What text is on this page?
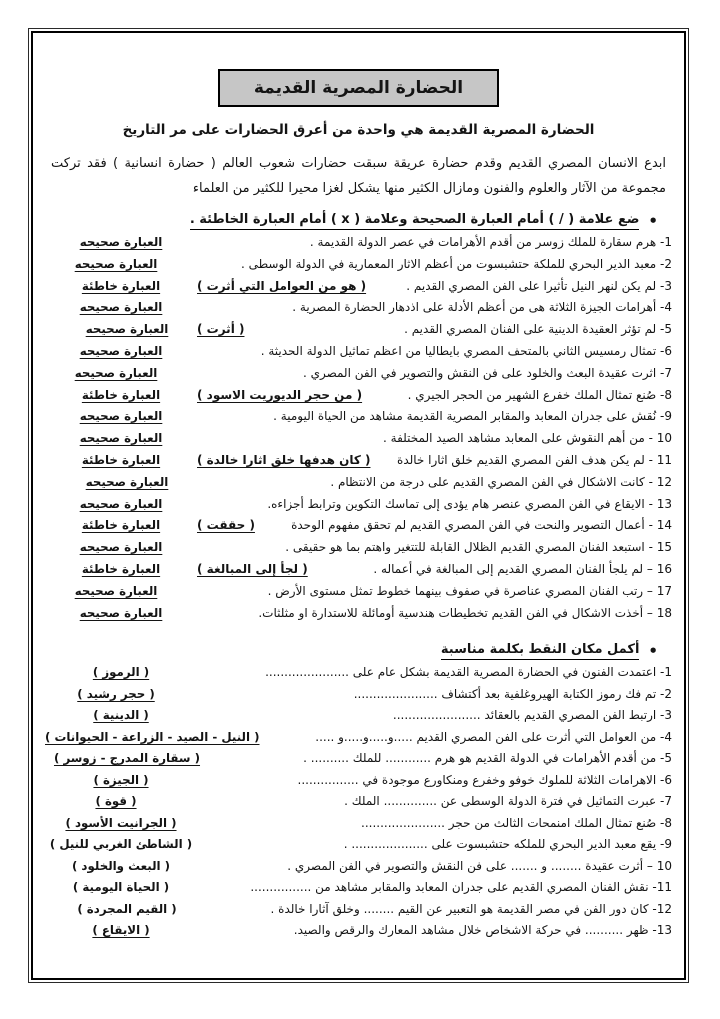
الحضارة المصرية القديمة
الحضارة المصرية القديمة هي واحدة من أعرق الحضارات على مر التاريخ

ابدع الانسان المصري القديم وقدم حضارة عريقة سبقت حضارات شعوب العالم ( حضارة انسانية ) فقد تركت مجموعة من الآثار والعلوم والفنون ومازال الكثير منها يشكل لغزا محيرا للكثير من العلماء

•
ضع علامة ( / ) أمام العبارة الصحيحة وعلامة ( x ) أمام العبارة الخاطئة .
1- هرم سقارة للملك زوسر من أقدم الأهرامات في عصر الدولة القديمة .
العبارة صحيحه
2- معبد الدير البحري للملكة حتشبسوت من أعظم الاثار المعمارية في الدولة الوسطى .
العبارة صحيحه
3- لم يكن لنهر النيل تأثيرا على الفن المصري القديم .
( هو من العوامل التي أثرت )
العبارة خاطئة
4- أهرامات الجيزة الثلاثة هى من أعظم الأدلة على اذدهار الحضارة المصرية .
العبارة صحيحه
5- لم تؤثر العقيدة الدينية على الفنان المصري القديم .
( أثرت )
العبارة صحيحه
6- تمثال رمسيس الثاني بالمتحف المصري بايطاليا من اعظم تماثيل الدولة الحديثة .
العبارة صحيحه
7- اثرت عقيدة البعث والخلود على فن النقش والتصوير في الفن المصري .
العبارة صحيحه
8- صُنع تمثال الملك خفرع الشهير من الحجر الجيري .
( من حجر الديوريت الاسود )
العبارة خاطئة
9- نُقش على جدران المعابد والمقابر المصرية القديمة مشاهد من الحياة اليومية .
العبارة صحيحه
10 - من أهم النقوش على المعابد مشاهد الصيد المختلفة .
العبارة صحيحه
11 - لم يكن هدف الفن المصري القديم خلق اثارا خالدة
( كان هدفها خلق اثارا خالدة )
العبارة خاطئة
12 - كانت الاشكال في الفن المصري القديم على درجة من الانتظام .
العبارة صحيحه
13 - الايقاع في الفن المصري عنصر هام يؤدى إلى تماسك التكوين وترابط أجزاءه.
العبارة صحيحه
14 - أعمال التصوير والنحت في الفن المصري القديم لم تحقق مفهوم الوحدة
( حققت )
العبارة خاطئة
15 - استبعد الفنان المصري القديم الظلال القابلة للتتغير واهتم بما هو حقيقى .
العبارة صحيحه
16 – لم يلجأ الفنان المصري القديم إلى المبالغة في أعماله .
( لجأ إلى المبالغة )
العبارة خاطئة
17 – رتب الفنان المصري عناصرة في صفوف بينهما خطوط تمثل مستوى الأرض .
العبارة صحيحه
18 – أخذت الاشكال في الفن القديم تخطيطات هندسية أومائلة للاستدارة او مثلثات.
العبارة صحيحه
•
أكمل مكان النقط بكلمة مناسبة
1- اعتمدت الفنون في الحضارة المصرية القديمة بشكل عام على ......................
( الرموز )
2- تم فك رموز الكتابة الهيروغلفية بعد أكتشاف ......................
( حجر رشيد )
3- ارتبط الفن المصري القديم بالعقائد .......................
( الدينية )
4- من العوامل التي أثرت على الفن المصري القديم .....و.....و.....و .....
( النيل - الصيد - الزراعة - الحيوانات )
5- من أقدم الأهرامات في الدولة القديم هو هرم ............ للملك .......... .
( سقارة المدرج - زوسر )
6- الاهرامات الثلاثة للملوك خوفو وخفرع ومنكاورع موجودة في ................
( الجيزة )
7- عبرت التماثيل في فترة الدولة الوسطى عن .............. الملك .
( قوة )
8- صُنع تمثال الملك امنمحات الثالث من حجر ......................
( الجرانيت الأسود )
9- يقع معبد الدير البحري للملكه حتشبسوت على .................... .
( الشاطئ الغربي للنيل )
10 – أثرت عقيدة ........ و ....... على فن النقش والتصوير في الفن المصري .
( البعث والخلود )
11- نقش الفنان المصري القديم على جدران المعابد والمقابر مشاهد من ................
( الحياة اليومية )
12- كان دور الفن في مصر القديمة هو التعبير عن القيم ........ وخلق آثارا خالدة .
( القيم المجردة )
13- ظهر .......... في حركة الاشخاص خلال مشاهد المعارك والرقص والصيد.
( الايقاع )
